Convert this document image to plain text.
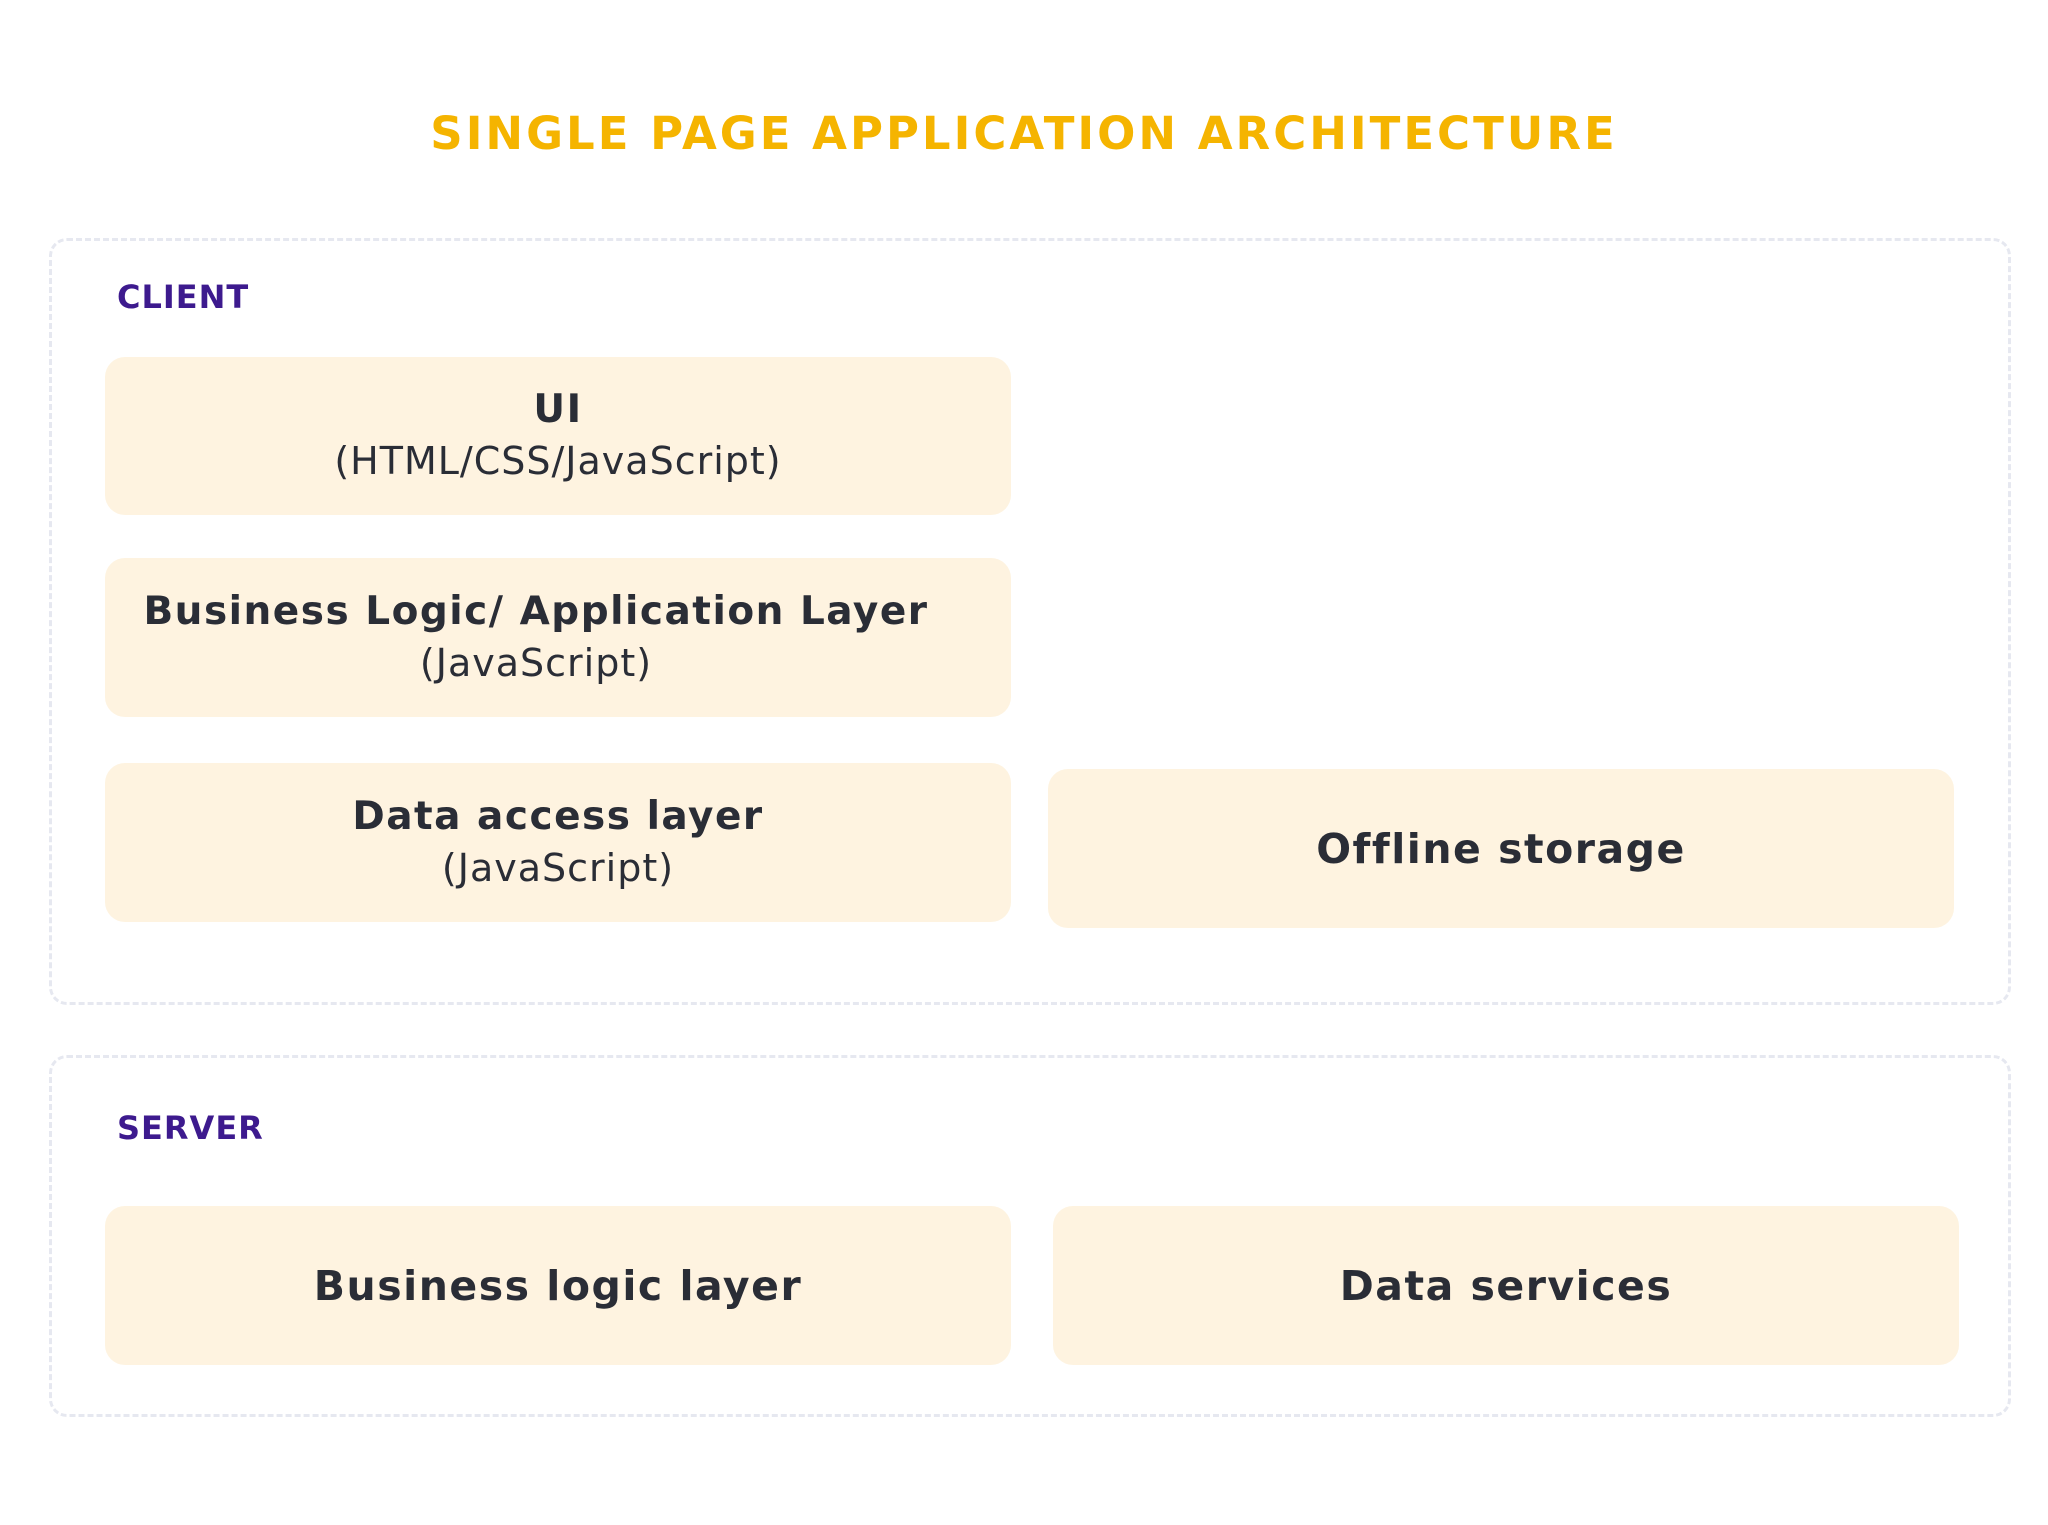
SINGLE PAGE APPLICATION ARCHITECTURE
CLIENT
UI
(HTML/CSS/JavaScript)
Business Logic/ Application Layer
(JavaScript)
Data access layer
(JavaScript)	Offline storage
SERVER
Business logic layer	Data services
